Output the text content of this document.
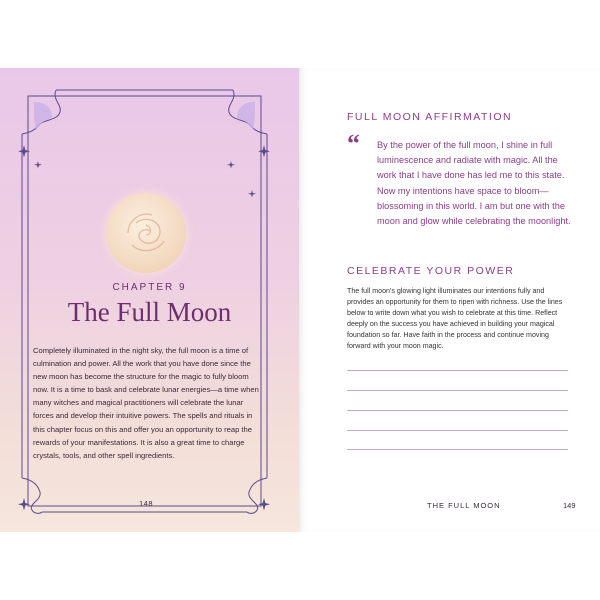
CHAPTER 9
The Full Moon
Completely illuminated in the night sky, the full moon is a time of culmination and power. All the work that you have done since the new moon has become the structure for the magic to fully bloom now. It is a time to bask and celebrate lunar energies—a time when many witches and magical practitioners will celebrate the lunar forces and develop their intuitive powers. The spells and rituals in this chapter focus on this and offer you an opportunity to reap the rewards of your manifestations. It is also a great time to charge crystals, tools, and other spell ingredients.
148
FULL MOON AFFIRMATION
“ By the power of the full moon, I shine in full luminescence and radiate with magic. All the work that I have done has led me to this state. Now my intentions have space to bloom—blossoming in this world. I am but one with the moon and glow while celebrating the moonlight.
CELEBRATE YOUR POWER
The full moon's glowing light illuminates our intentions fully and provides an opportunity for them to ripen with richness. Use the lines below to write down what you wish to celebrate at this time. Reflect deeply on the success you have achieved in building your magical foundation so far. Have faith in the process and continue moving forward with your moon magic.
THE FULL MOON	149
